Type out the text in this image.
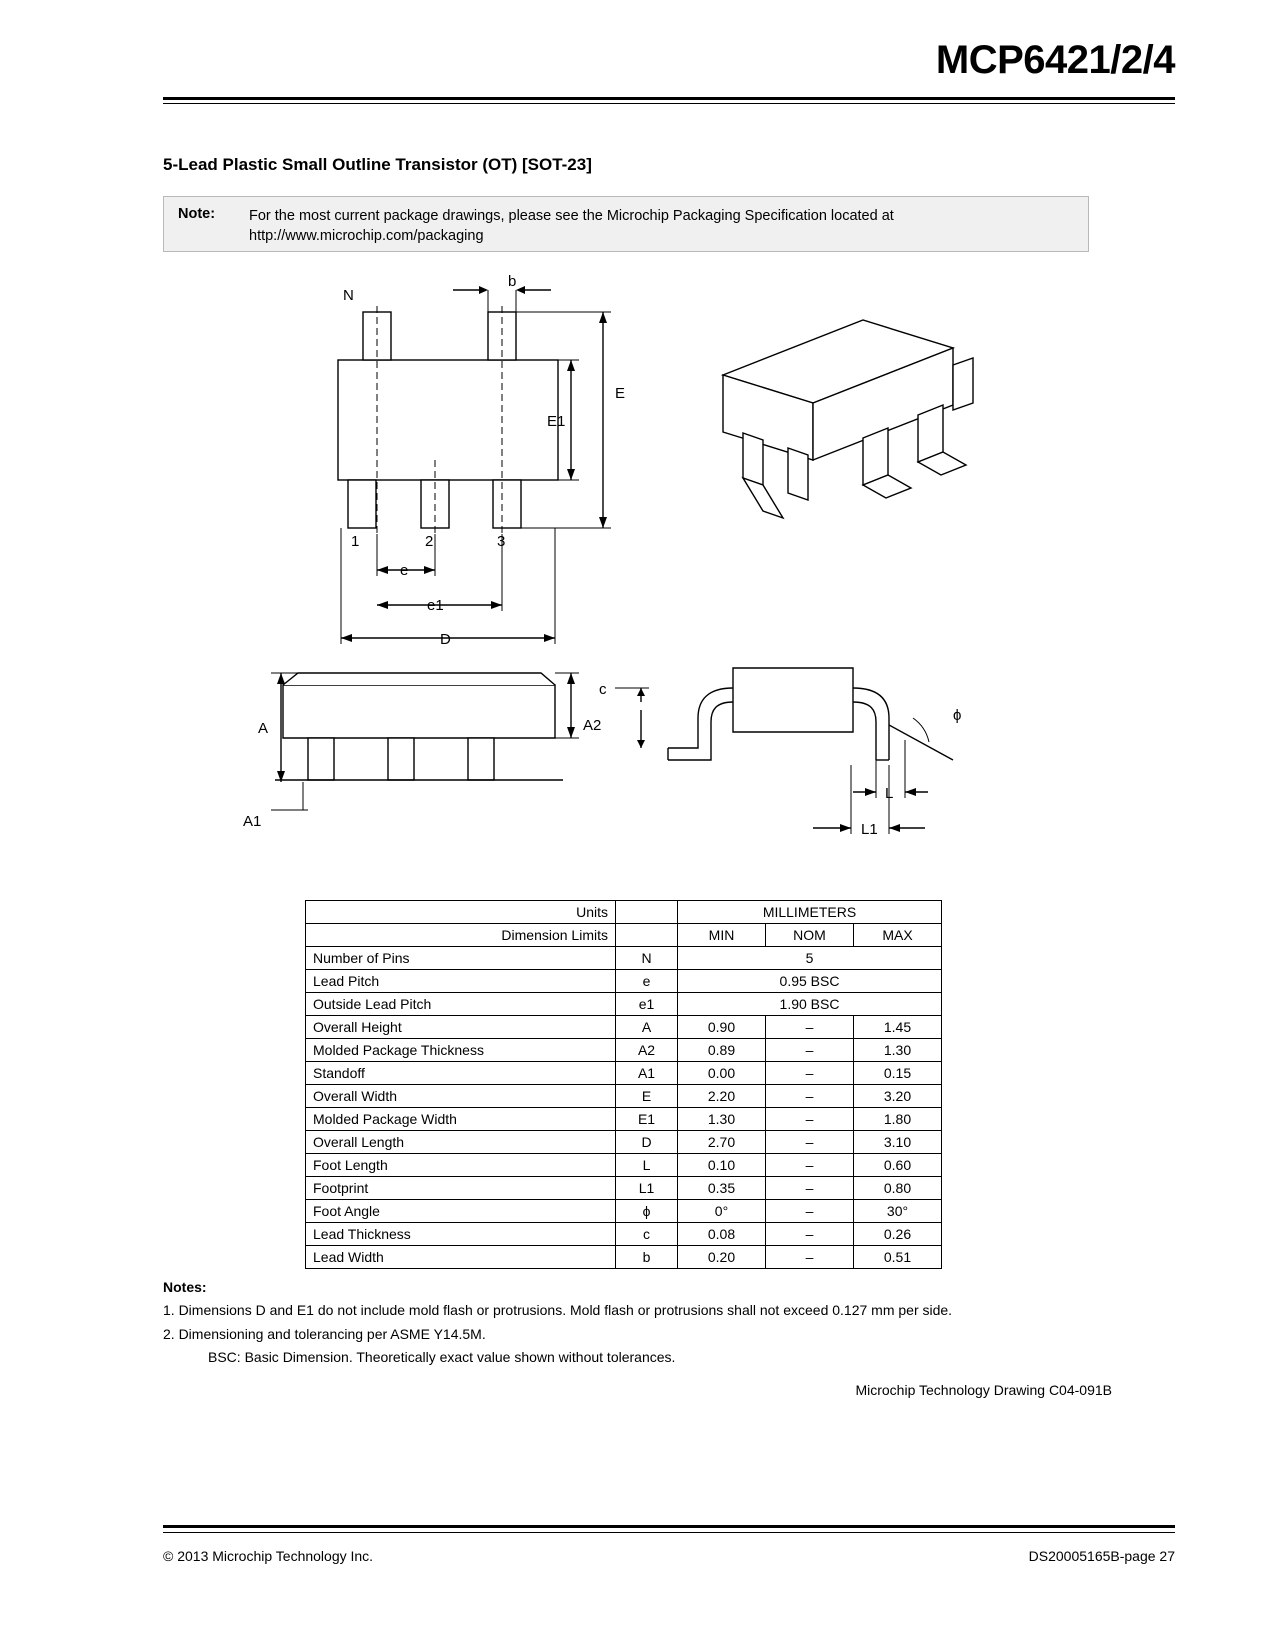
MCP6421/2/4
5-Lead Plastic Small Outline Transistor (OT) [SOT-23]
Note: For the most current package drawings, please see the Microchip Packaging Specification located at http://www.microchip.com/packaging
b
N
E
E1
1	2	3
e
e1
D
A
A1
A2
c
ϕ
L
L1
Units		MILLIMETERS		
Dimension Limits		MIN	NOM	MAX
Number of Pins	N	5		
Lead Pitch	e	0.95 BSC		
Outside Lead Pitch	e1	1.90 BSC		
Overall Height	A	0.90	–	1.45
Molded Package Thickness	A2	0.89	–	1.30
Standoff	A1	0.00	–	0.15
Overall Width	E	2.20	–	3.20
Molded Package Width	E1	1.30	–	1.80
Overall Length	D	2.70	–	3.10
Foot Length	L	0.10	–	0.60
Footprint	L1	0.35	–	0.80
Foot Angle	ϕ	0°	–	30°
Lead Thickness	c	0.08	–	0.26
Lead Width	b	0.20	–	0.51
Notes:
1. Dimensions D and E1 do not include mold flash or protrusions. Mold flash or protrusions shall not exceed 0.127 mm per side.
2. Dimensioning and tolerancing per ASME Y14.5M.
BSC: Basic Dimension. Theoretically exact value shown without tolerances.
Microchip Technology Drawing C04-091B
© 2013 Microchip Technology Inc.	DS20005165B-page 27
